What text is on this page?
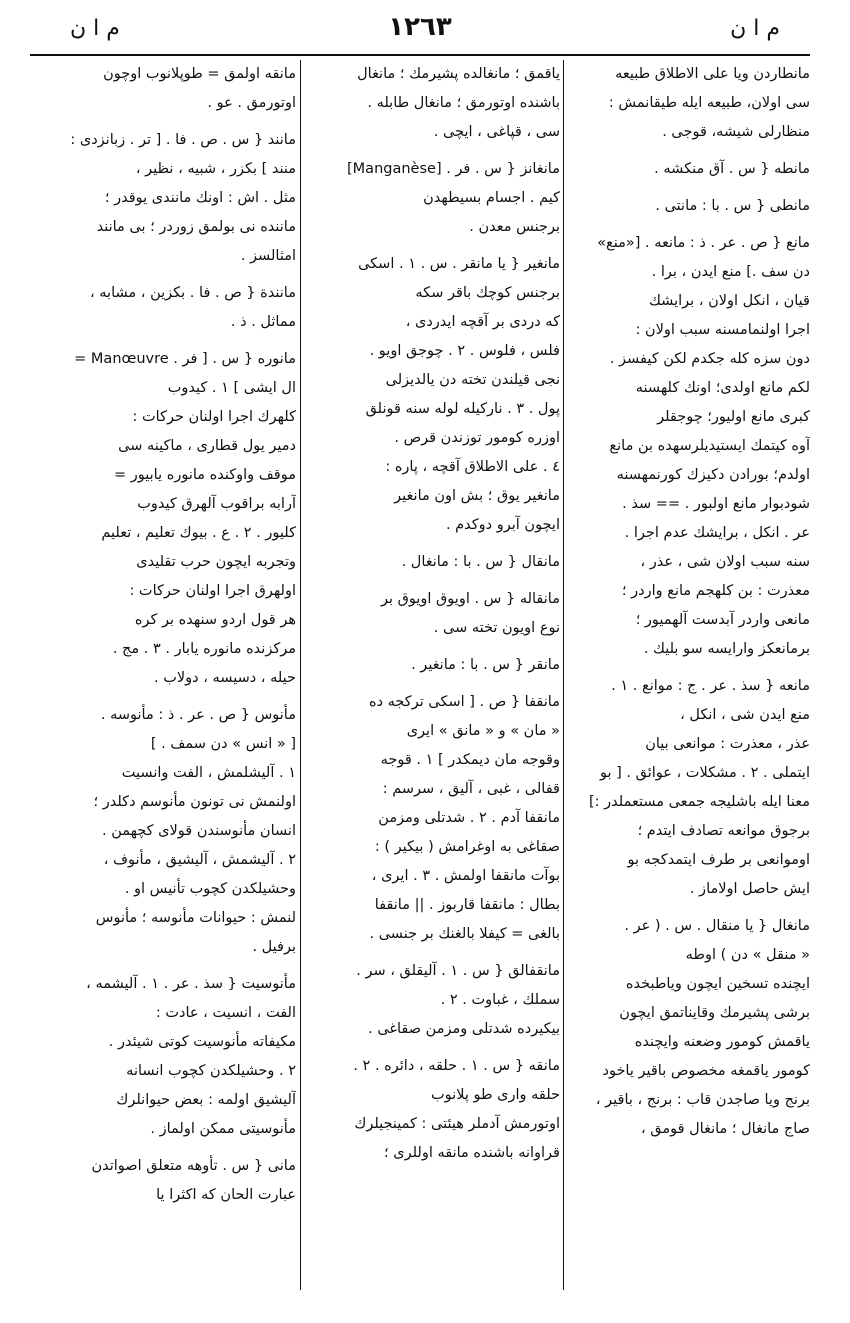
م ا ن
١٢٦٣
م ا ن
مانطاردن ويا على الاطلاق طبيعه
سى اولان، طبيعه ايله طيقانمش :
منظارلى شيشه، قوجى .
مانطه { س . آق منكشه .
مانطى { س . با : مانتى .
مانع { ص . عر . ذ : مانعه . [«منع»
دن سف .] منع ايدن ، برا .
قيان ، انكل اولان ، برايشك
اجرا اولنمامسنه سبب اولان :
دون سزه كله جكدم لكن كيفسز .
لكم مانع اولدى؛ اونك كلهسنه
كبرى مانع اوليور؛ چوجقلر
آوه كيتمك ايستيديلرسهده بن مانع
اولدم؛ بورادن دكيزك كورنمهسنه
شودبوار مانع اولبور . == سذ .
عر . انكل ، برايشك عدم اجرا .
سنه سبب اولان شى ، عذر ،
معذرت : بن كلهجم مانع واردر ؛
مانعى واردر آبدست آلهميور ؛
برمانعكز وارايسه سو بليك .
مانعه { سذ . عر . ج : موانع . ١ .
منع ايدن شى ، انكل ،
عذر ، معذرت : موانعى بيان
ايتملى . ٢ . مشكلات ، عوائق . [ بو
معنا ايله باشليجه جمعى مستعملدر :]
برجوق موانعه تصادف ايتدم ؛
اوموانعى بر طرف ايتمدكجه بو
ايش حاصل اولاماز .
مانغال { يا منقال . س . ( عر .
« منقل » دن ) اوطه
ايچنده تسخين ايچون وياطبخده
برشى پشيرمك وقايناتمق ايچون
ياقمش كومور وضعنه وايچنده
كومور ياقمغه مخصوص باقير ياخود
برنج ويا صاجدن قاب : برنج ، باقير ،
صاج مانغال ؛ مانغال قومق ،
ياقمق ؛ مانغالده پشيرمك ؛ مانغال
باشنده اوتورمق ؛ مانغال طابله .
سى ، قپاغى ، ايچى .
مانغانز { س . فر . [Manganèse]
كيم . اجسام بسيطهدن
برجنس معدن .
مانغير { يا مانقر . س . ١ . اسكى
برجنس كوچك باقر سكه
كه دردى بر آقچه ايدردى ،
فلس ، فلوس . ٢ . چوجق اويو .
نجى قيلندن تخته دن يالديزلى
پول . ٣ . ناركيله لوله سنه قونلق
اوزره كومور توزندن قرص .
٤ . على الاطلاق آقچه ، پاره :
مانغير يوق ؛ بش اون مانغير
ايچون آبرو دوكدم .
مانقال { س . با : مانغال .
مانقاله { س . اويوق اويوق بر
نوع اويون تخته سى .
مانقر { س . با : مانغير .
مانقفا { ص . [ اسكى تركجه ده
« مان » و « مانق » ايرى
وقوجه مان ديمكدر ] ١ . قوجه
قفالى ، غبى ، آليق ، سرسم :
مانقفا آدم . ٢ . شدتلى ومزمن
صقاغى به اوغرامش ( بيكير ) :
بوآت مانقفا اولمش . ٣ . ايرى ،
بطال : مانقفا قاربوز . || مانقفا
بالغى = كيفلا بالغنك بر جنسى .
مانقفالق { س . ١ . آليقلق ، سر .
سملك ، غباوت . ٢ .
بيكيرده شدتلى ومزمن صقاغى .
مانقه { س . ١ . حلقه ، دائره . ٢ .
حلقه وارى طو پلانوب
اوتورمش آدملر هيئتى : كمينجيلرك
قراوانه باشنده مانقه اوللرى ؛
مانقه اولمق = طوپلانوب اوچون
اوتورمق . عو .
مانند { س . ص . فا . [ تر . زبانزدى :
منند ] بكزر ، شبيه ، نظير ،
مثل . اش : اونك مانندى يوقدر ؛
ماننده نى بولمق زوردر ؛ بى مانند
امثالسز .
مانندة { ص . فا . بكزين ، مشابه ،
مماثل . ذ .
مانوره { س . [ فر . Manœuvre =
ال ايشى ] ١ . كيدوب
كلهرك اجرا اولنان حركات :
دمير يول قطارى ، ماكينه سى
موقف واوكنده مانوره يابيور =
آرابه براقوب آلهرق كيدوب
كليور . ٢ . ع . بيوك تعليم ، تعليم
وتجربه ايچون حرب تقليدى
اولهرق اجرا اولنان حركات :
هر قول اردو سنهده بر كره
مركزنده مانوره يابار . ٣ . مج .
حيله ، دسيسه ، دولاب .
مأنوس { ص . عر . ذ : مأنوسه .
[ « انس » دن سمف . ]
١ . آليشلمش ، الفت وانسيت
اولنمش نى تونون مأنوسم دكلدر ؛
انسان مأنوسندن قولاى كچهمن .
٢ . آليشمش ، آليشيق ، مأنوف ،
وحشيلكدن كچوب تأنيس او .
لنمش : حيوانات مأنوسه ؛ مأنوس
برفيل .
مأنوسيت { سذ . عر . ١ . آليشمه ،
الفت ، انسيت ، عادت :
مكيفاته مأنوسيت كوتى شيئدر .
٢ . وحشيلكدن كچوب انسانه
آليشيق اولمه : بعض حيوانلرك
مأنوسيتى ممكن اولماز .
مانى { س . تأوهه متعلق اصواتدن
عبارت الحان كه اكثرا يا
